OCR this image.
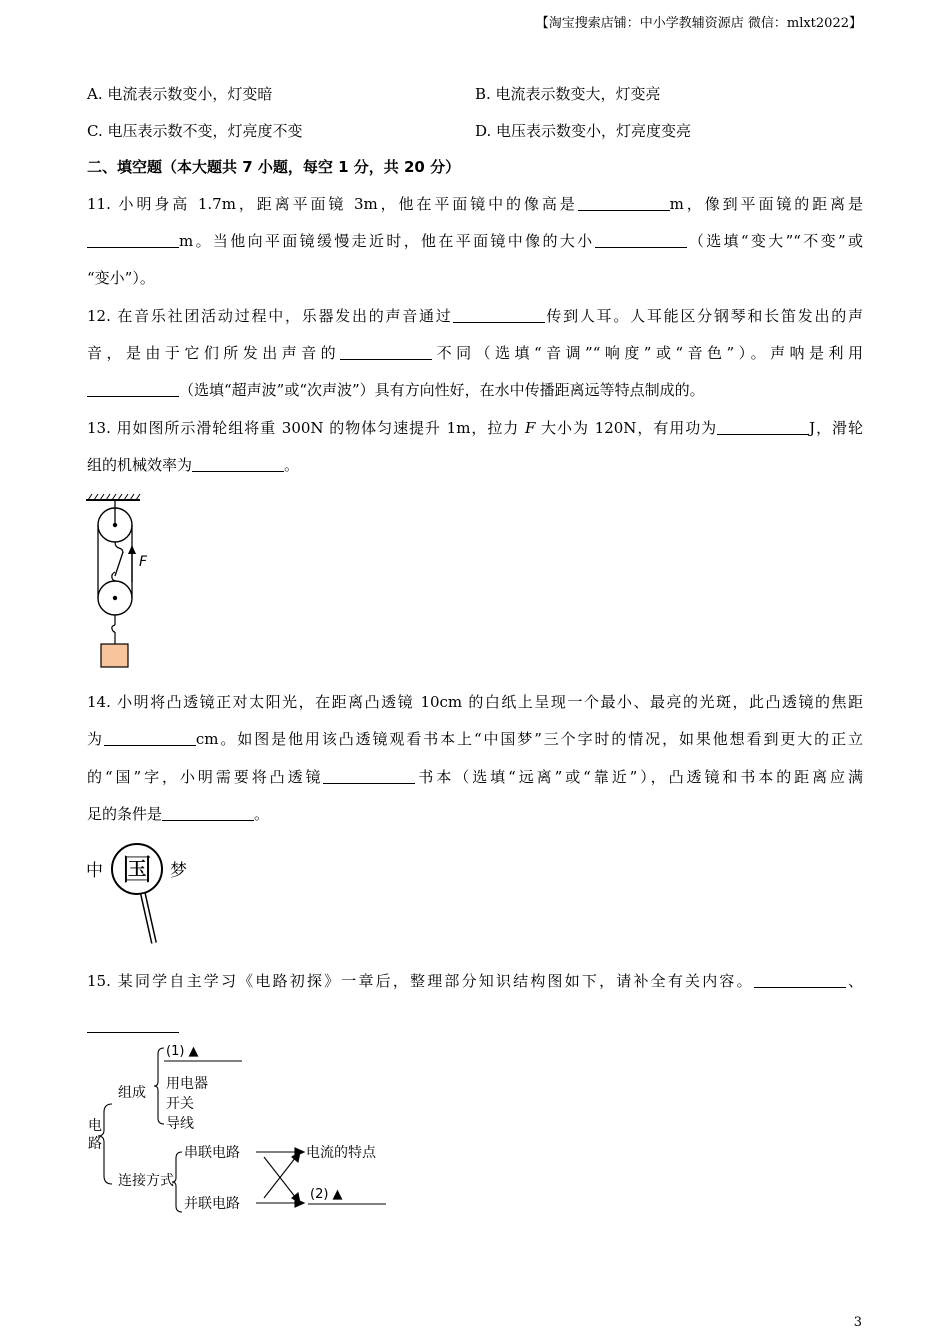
【淘宝搜索店铺：中小学教辅资源店 微信：mlxt2022】
A. 电流表示数变小，灯变暗	B. 电流表示数变大，灯变亮
C. 电压表示数不变，灯亮度不变	D. 电压表示数变小，灯亮度变亮
二、填空题（本大题共 7 小题，每空 1 分，共 20 分）
11. 小明身高 1.7m，距离平面镜 3m，他在平面镜中的像高是	m，像到平面镜的距离是
m。当他向平面镜缓慢走近时，他在平面镜中像的大小	（选填“变大”“不变”或
“变小”）。
12. 在音乐社团活动过程中，乐器发出的声音通过	传到人耳。人耳能区分钢琴和长笛发出的声
音，是由于它们所发出声音的	不同（选填“音调”“响度”或“音色”）。声呐是利用
（选填“超声波”或“次声波”）具有方向性好，在水中传播距离远等特点制成的。
13. 用如图所示滑轮组将重 300N 的物体匀速提升 1m，拉力 F 大小为 120N，有用功为	J，滑轮
组的机械效率为	。
F
14. 小明将凸透镜正对太阳光，在距离凸透镜 10cm 的白纸上呈现一个最小、最亮的光斑，此凸透镜的焦距
为	cm。如图是他用该凸透镜观看书本上“中国梦”三个字时的情况，如果他想看到更大的正立
的“国”字，小明需要将凸透镜	书本（选填“远离”或“靠近”），凸透镜和书本的距离应满
足的条件是	。
中 国 梦
15. 某同学自主学习《电路初探》一章后，整理部分知识结构图如下，请补全有关内容。	、
电
路
组成
(1) ▲
用电器
开关
导线
连接方式
串联电路
并联电路
电流的特点
(2) ▲
3
